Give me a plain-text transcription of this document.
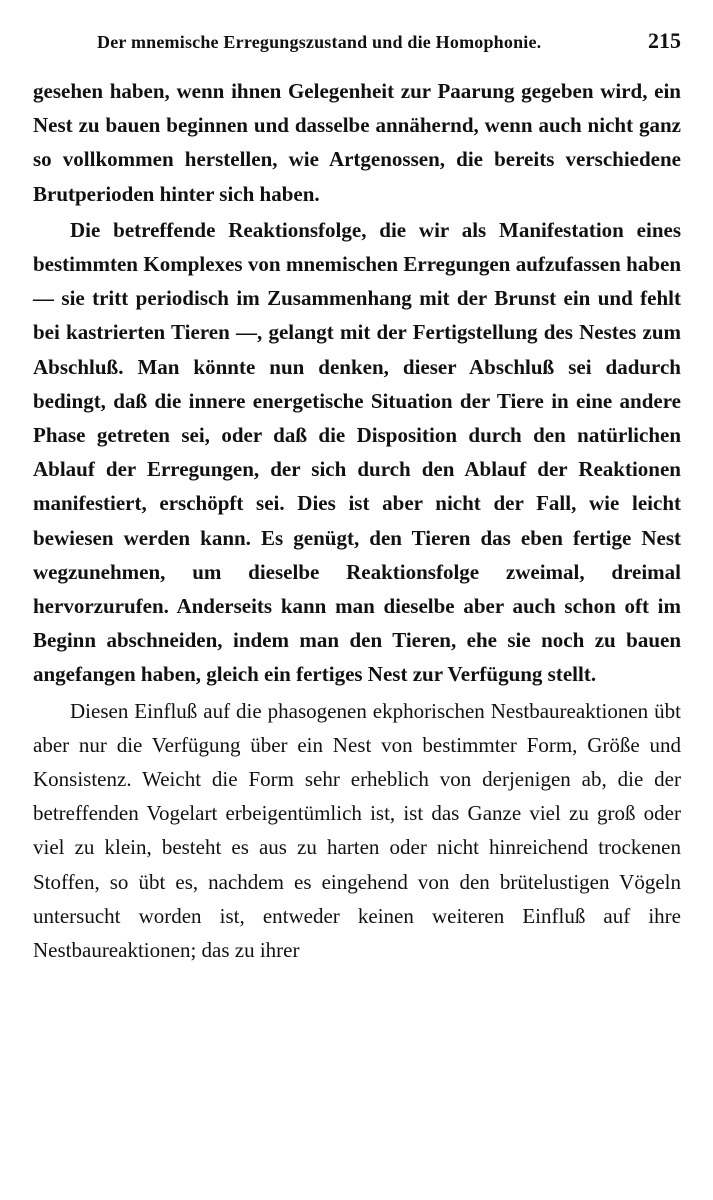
Der mnemische Erregungszustand und die Homophonie.	215

gesehen haben, wenn ihnen Gelegenheit zur Paarung gegeben wird, ein Nest zu bauen beginnen und dasselbe annähernd, wenn auch nicht ganz so vollkommen herstellen, wie Artgenossen, die bereits verschiedene Brutperioden hinter sich haben.

Die betreffende Reaktionsfolge, die wir als Manifestation eines bestimmten Komplexes von mnemischen Erregungen aufzufassen haben — sie tritt periodisch im Zusammenhang mit der Brunst ein und fehlt bei kastrierten Tieren —, gelangt mit der Fertigstellung des Nestes zum Abschluß. Man könnte nun denken, dieser Abschluß sei dadurch bedingt, daß die innere energetische Situation der Tiere in eine andere Phase getreten sei, oder daß die Disposition durch den natürlichen Ablauf der Erregungen, der sich durch den Ablauf der Reaktionen manifestiert, erschöpft sei. Dies ist aber nicht der Fall, wie leicht bewiesen werden kann. Es genügt, den Tieren das eben fertige Nest wegzunehmen, um dieselbe Reaktionsfolge zweimal, dreimal hervorzurufen. Anderseits kann man dieselbe aber auch schon oft im Beginn abschneiden, indem man den Tieren, ehe sie noch zu bauen angefangen haben, gleich ein fertiges Nest zur Verfügung stellt.

Diesen Einfluß auf die phasogenen ekphorischen Nestbaureaktionen übt aber nur die Verfügung über ein Nest von bestimmter Form, Größe und Konsistenz. Weicht die Form sehr erheblich von derjenigen ab, die der betreffenden Vogelart erbeigentümlich ist, ist das Ganze viel zu groß oder viel zu klein, besteht es aus zu harten oder nicht hinreichend trockenen Stoffen, so übt es, nachdem es eingehend von den brütelustigen Vögeln untersucht worden ist, entweder keinen weiteren Einfluß auf ihre Nestbaureaktionen; das zu ihrer
